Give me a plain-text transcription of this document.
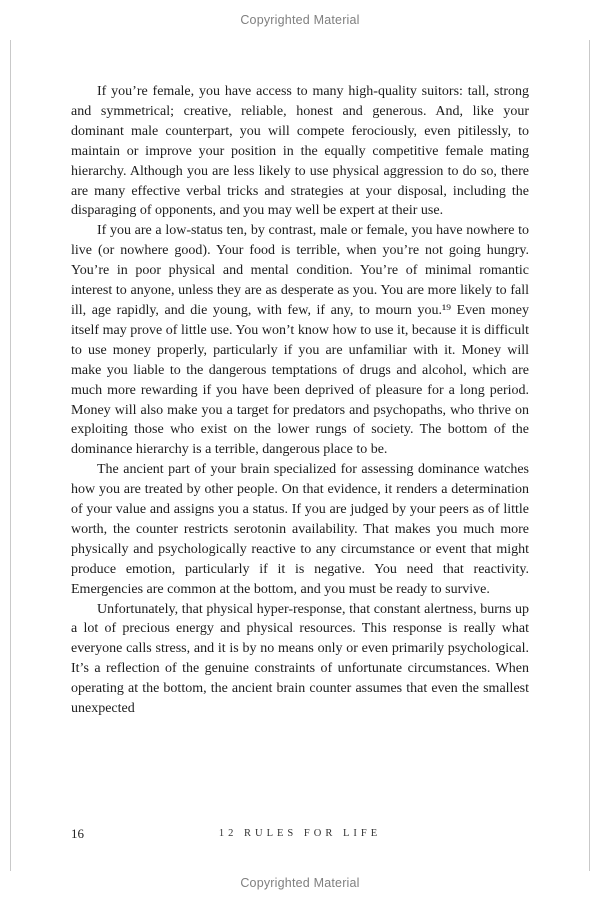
Copyrighted Material

If you’re female, you have access to many high-quality suitors: tall, strong and symmetrical; creative, reliable, honest and generous. And, like your dominant male counterpart, you will compete ferociously, even pitilessly, to maintain or improve your position in the equally competitive female mating hierarchy. Although you are less likely to use physical aggression to do so, there are many effective verbal tricks and strategies at your disposal, including the disparaging of opponents, and you may well be expert at their use.

If you are a low-status ten, by contrast, male or female, you have nowhere to live (or nowhere good). Your food is terrible, when you’re not going hungry. You’re in poor physical and mental condition. You’re of minimal romantic interest to anyone, unless they are as desperate as you. You are more likely to fall ill, age rapidly, and die young, with few, if any, to mourn you.¹⁹ Even money itself may prove of little use. You won’t know how to use it, because it is difficult to use money properly, particularly if you are unfamiliar with it. Money will make you liable to the dangerous temptations of drugs and alcohol, which are much more rewarding if you have been deprived of pleasure for a long period. Money will also make you a target for predators and psychopaths, who thrive on exploiting those who exist on the lower rungs of society. The bottom of the dominance hierarchy is a terrible, dangerous place to be.

The ancient part of your brain specialized for assessing dominance watches how you are treated by other people. On that evidence, it renders a determination of your value and assigns you a status. If you are judged by your peers as of little worth, the counter restricts serotonin availability. That makes you much more physically and psychologically reactive to any circumstance or event that might produce emotion, particularly if it is negative. You need that reactivity. Emergencies are common at the bottom, and you must be ready to survive.

Unfortunately, that physical hyper-response, that constant alertness, burns up a lot of precious energy and physical resources. This response is really what everyone calls stress, and it is by no means only or even primarily psychological. It’s a reflection of the genuine constraints of unfortunate circumstances. When operating at the bottom, the ancient brain counter assumes that even the smallest unexpected

16	12 RULES FOR LIFE
Copyrighted Material
